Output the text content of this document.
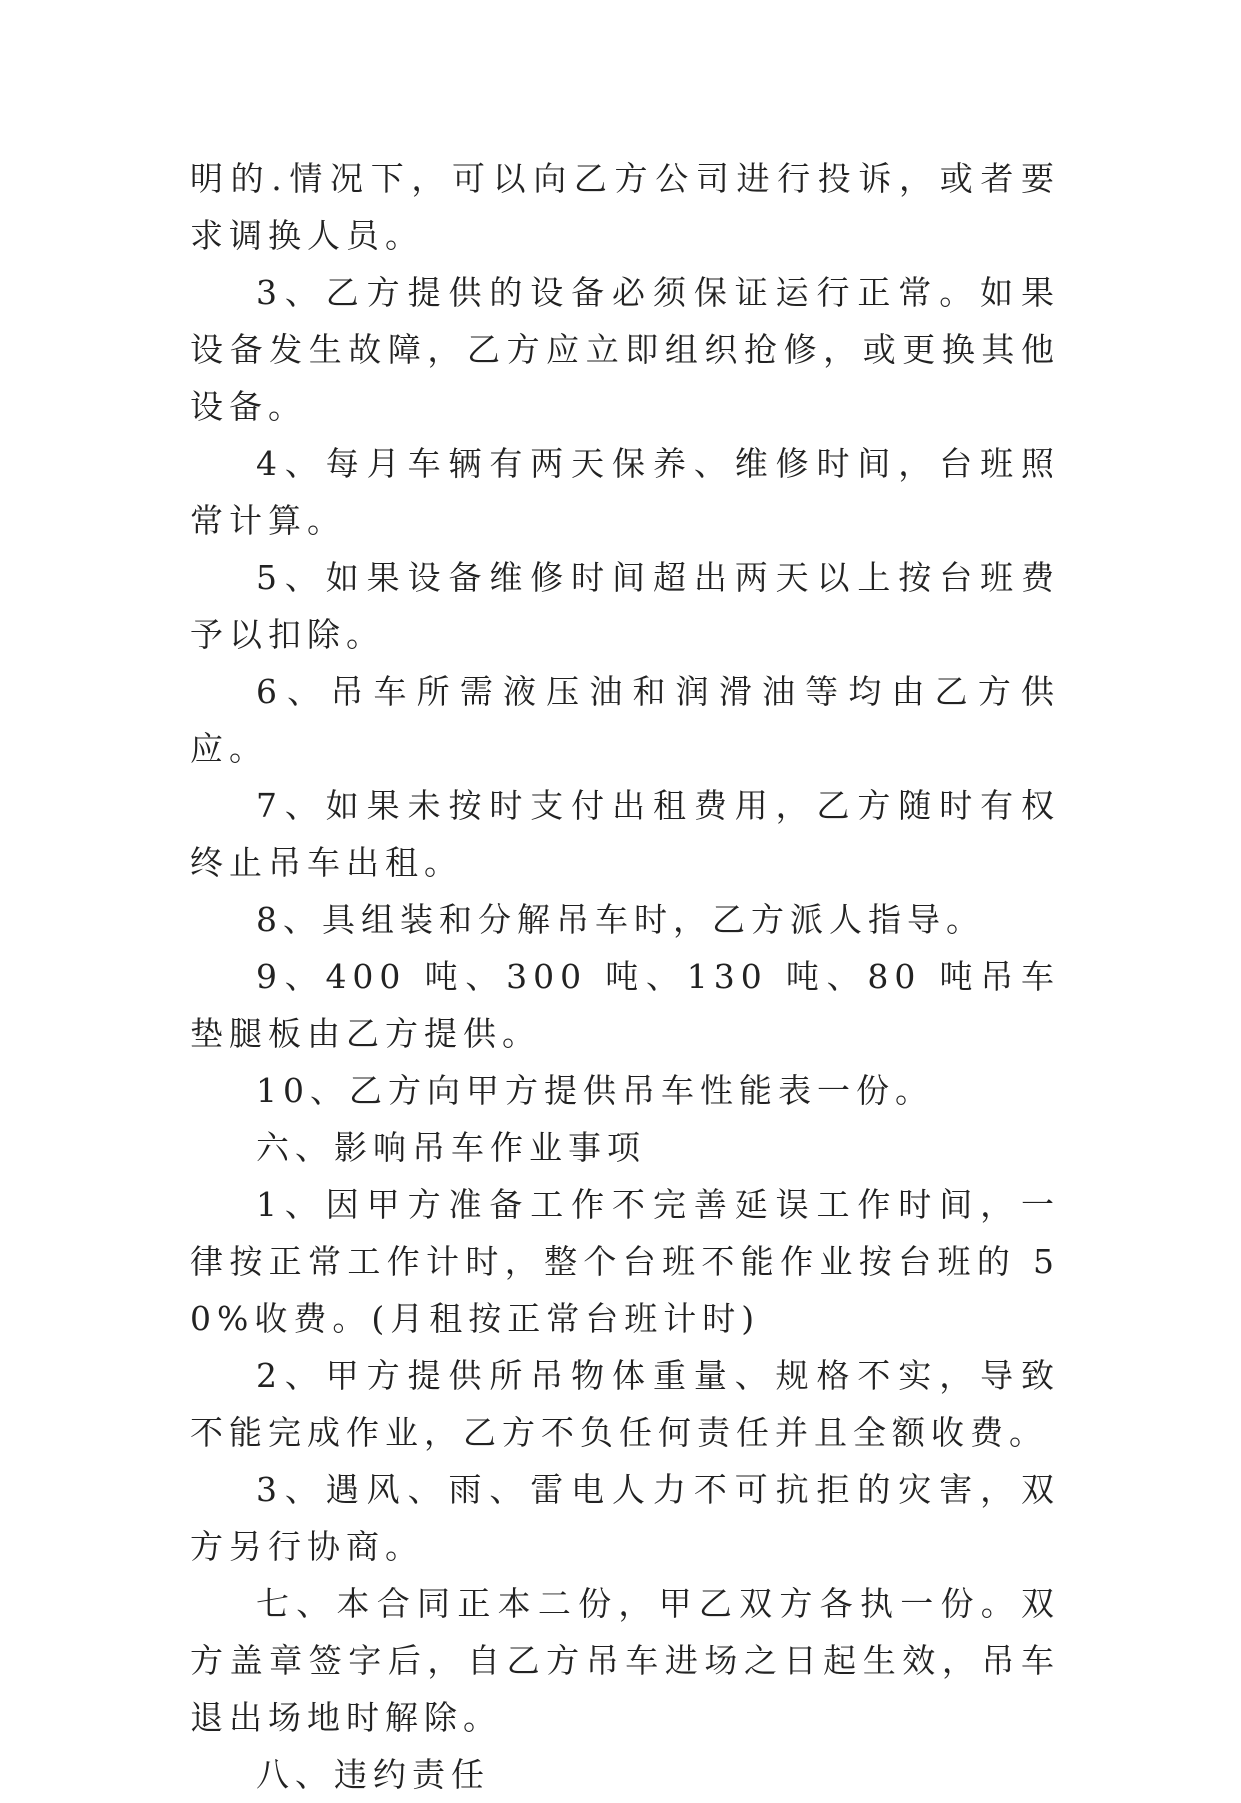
明的.情况下，可以向乙方公司进行投诉，或者要求调换人员。

3、乙方提供的设备必须保证运行正常。如果设备发生故障，乙方应立即组织抢修，或更换其他设备。

4、每月车辆有两天保养、维修时间，台班照常计算。

5、如果设备维修时间超出两天以上按台班费予以扣除。

6、吊车所需液压油和润滑油等均由乙方供应。

7、如果未按时支付出租费用，乙方随时有权终止吊车出租。

8、具组装和分解吊车时，乙方派人指导。

9、400 吨、300 吨、130 吨、80 吨吊车垫腿板由乙方提供。

10、乙方向甲方提供吊车性能表一份。

六、影响吊车作业事项

1、因甲方准备工作不完善延误工作时间，一律按正常工作计时，整个台班不能作业按台班的 50%收费。(月租按正常台班计时)

2、甲方提供所吊物体重量、规格不实，导致不能完成作业，乙方不负任何责任并且全额收费。

3、遇风、雨、雷电人力不可抗拒的灾害，双方另行协商。

七、本合同正本二份，甲乙双方各执一份。双方盖章签字后，自乙方吊车进场之日起生效，吊车退出场地时解除。

八、违约责任
